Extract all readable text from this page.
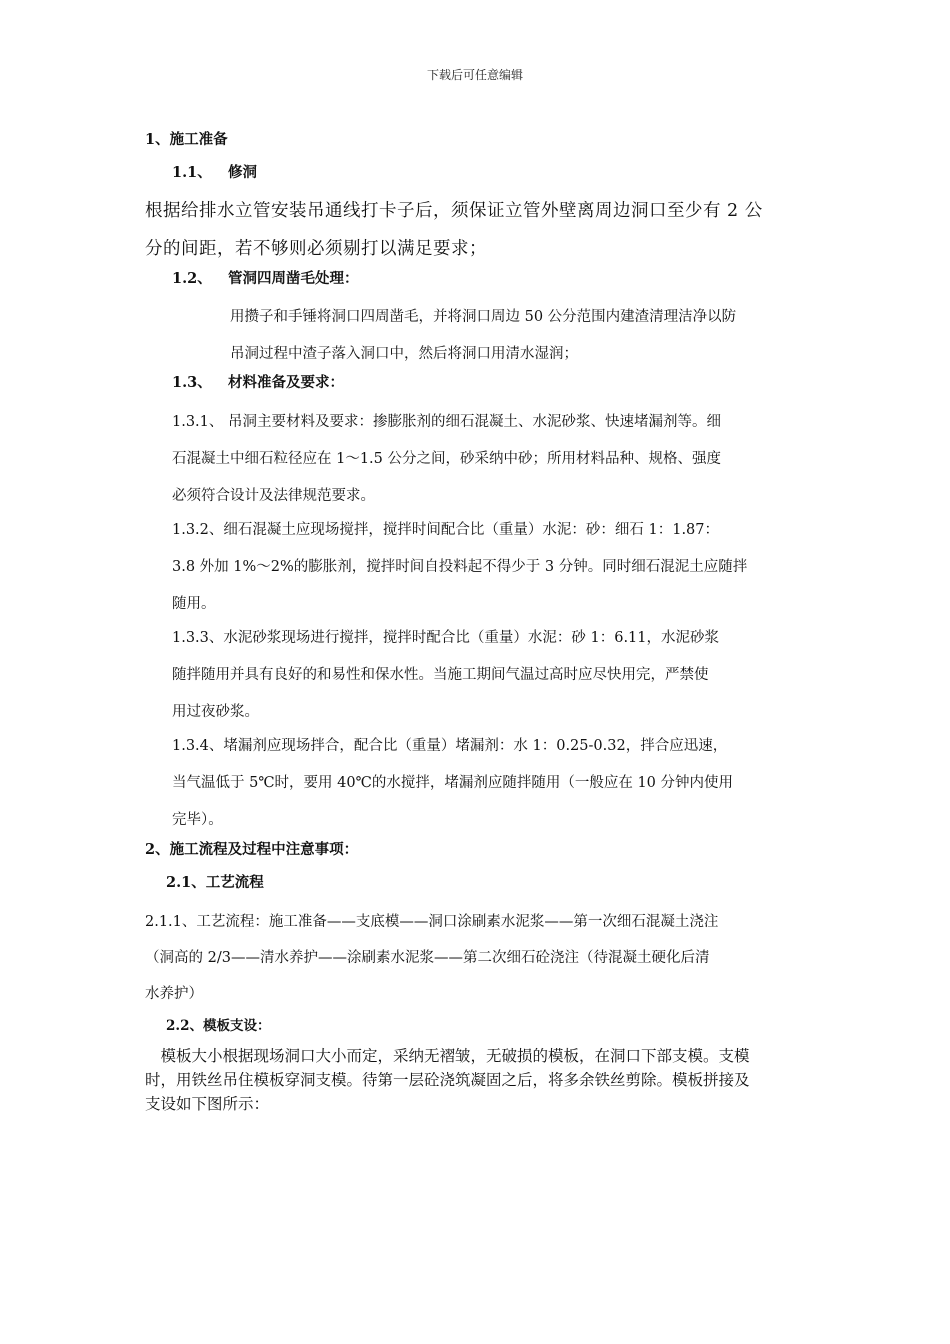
下载后可任意编辑
1、施工准备
1.1、 修洞
根据给排水立管安装吊通线打卡子后，须保证立管外壁离周边洞口至少有 2 公
分的间距，若不够则必须剔打以满足要求；
1.2、 管洞四周凿毛处理：
用攒子和手锤将洞口四周凿毛，并将洞口周边 50 公分范围内建渣清理洁净以防
吊洞过程中渣子落入洞口中，然后将洞口用清水湿润；
1.3、 材料准备及要求：
1.3.1、 吊洞主要材料及要求：掺膨胀剂的细石混凝土、水泥砂浆、快速堵漏剂等。细
石混凝土中细石粒径应在 1～1.5 公分之间，砂采纳中砂；所用材料品种、规格、强度
必须符合设计及法律规范要求。
1.3.2、细石混凝土应现场搅拌，搅拌时间配合比（重量）水泥：砂：细石 1：1.87：
3.8 外加 1%～2%的膨胀剂，搅拌时间自投料起不得少于 3 分钟。同时细石混泥土应随拌
随用。
1.3.3、水泥砂浆现场进行搅拌，搅拌时配合比（重量）水泥：砂 1：6.11，水泥砂浆
随拌随用并具有良好的和易性和保水性。当施工期间气温过高时应尽快用完，严禁使
用过夜砂浆。
1.3.4、堵漏剂应现场拌合，配合比（重量）堵漏剂：水 1：0.25-0.32，拌合应迅速，
当气温低于 5℃时，要用 40℃的水搅拌，堵漏剂应随拌随用（一般应在 10 分钟内使用
完毕）。
2、施工流程及过程中注意事项：
2.1、工艺流程
2.1.1、工艺流程：施工准备——支底模——洞口涂刷素水泥浆——第一次细石混凝土浇注
（洞高的 2/3——清水养护——涂刷素水泥浆——第二次细石砼浇注（待混凝土硬化后清
水养护）
2.2、模板支设：
　模板大小根据现场洞口大小而定，采纳无褶皱，无破损的模板，在洞口下部支模。支模
时，用铁丝吊住模板穿洞支模。待第一层砼浇筑凝固之后，将多余铁丝剪除。模板拼接及
支设如下图所示：
